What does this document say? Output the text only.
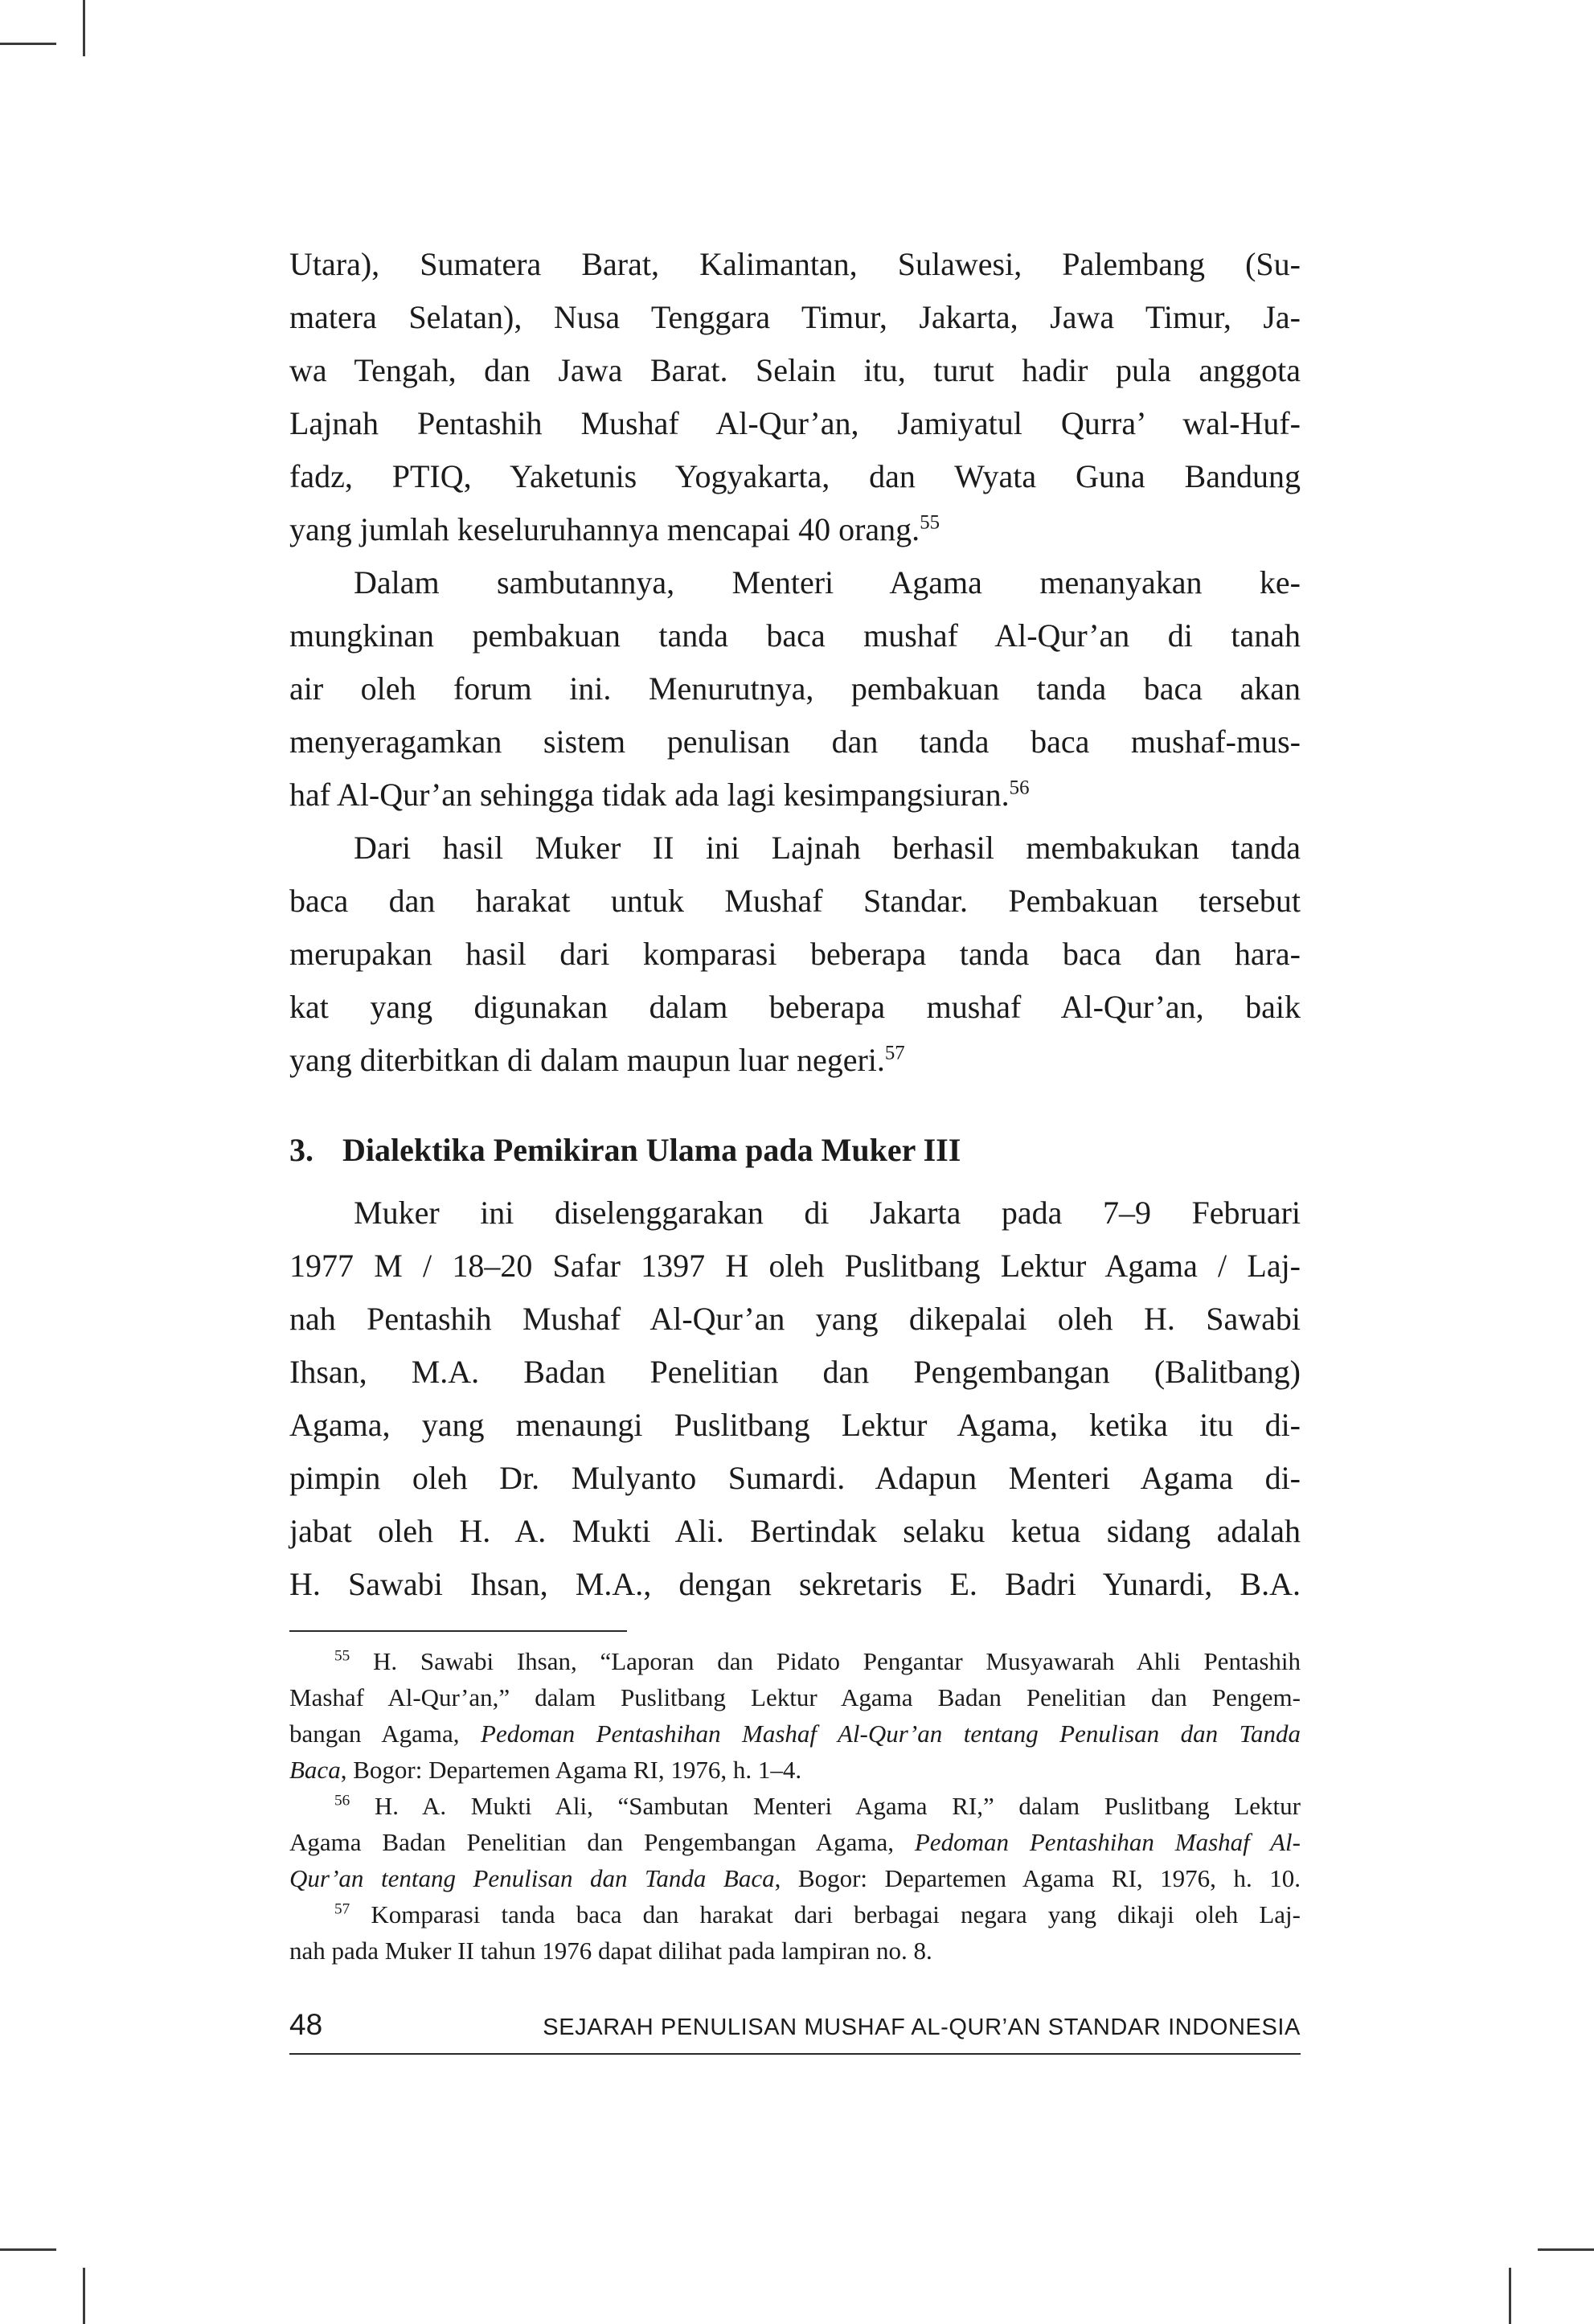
Utara), Sumatera Barat, Kalimantan, Sulawesi, Palembang (Su-
matera Selatan), Nusa Tenggara Timur, Jakarta, Jawa Timur, Ja-
wa Tengah, dan Jawa Barat. Selain itu, turut hadir pula anggota
Lajnah Pentashih Mushaf Al-Qur’an, Jamiyatul Qurra’ wal-Huf-
fadz, PTIQ, Yaketunis Yogyakarta, dan Wyata Guna Bandung
yang jumlah keseluruhannya mencapai 40 orang.$^{55}$
Dalam sambutannya, Menteri Agama menanyakan ke-
mungkinan pembakuan tanda baca mushaf Al-Qur’an di tanah
air oleh forum ini. Menurutnya, pembakuan tanda baca akan
menyeragamkan sistem penulisan dan tanda baca mushaf-mus-
haf Al-Qur’an sehingga tidak ada lagi kesimpangsiuran.$^{56}$
Dari hasil Muker II ini Lajnah berhasil membakukan tanda
baca dan harakat untuk Mushaf Standar. Pembakuan tersebut
merupakan hasil dari komparasi beberapa tanda baca dan hara-
kat yang digunakan dalam beberapa mushaf Al-Qur’an, baik
yang diterbitkan di dalam maupun luar negeri.$^{57}$
3. Dialektika Pemikiran Ulama pada Muker III
Muker ini diselenggarakan di Jakarta pada 7–9 Februari
1977 M / 18–20 Safar 1397 H oleh Puslitbang Lektur Agama / Laj-
nah Pentashih Mushaf Al-Qur’an yang dikepalai oleh H. Sawabi
Ihsan, M.A. Badan Penelitian dan Pengembangan (Balitbang)
Agama, yang menaungi Puslitbang Lektur Agama, ketika itu di-
pimpin oleh Dr. Mulyanto Sumardi. Adapun Menteri Agama di-
jabat oleh H. A. Mukti Ali. Bertindak selaku ketua sidang adalah
H. Sawabi Ihsan, M.A., dengan sekretaris E. Badri Yunardi, B.A.
$^{55}$ H. Sawabi Ihsan, “Laporan dan Pidato Pengantar Musyawarah Ahli Pentashih
Mashaf Al-Qur’an,” dalam Puslitbang Lektur Agama Badan Penelitian dan Pengem-
bangan Agama, Pedoman Pentashihan Mashaf Al-Qur’an tentang Penulisan dan Tanda
Baca, Bogor: Departemen Agama RI, 1976, h. 1–4.
$^{56}$ H. A. Mukti Ali, “Sambutan Menteri Agama RI,” dalam Puslitbang Lektur
Agama Badan Penelitian dan Pengembangan Agama, Pedoman Pentashihan Mashaf Al-
Qur’an tentang Penulisan dan Tanda Baca, Bogor: Departemen Agama RI, 1976, h. 10.
$^{57}$ Komparasi tanda baca dan harakat dari berbagai negara yang dikaji oleh Laj-
nah pada Muker II tahun 1976 dapat dilihat pada lampiran no. 8.
48	SEJARAH PENULISAN MUSHAF AL-QUR’AN STANDAR INDONESIA
